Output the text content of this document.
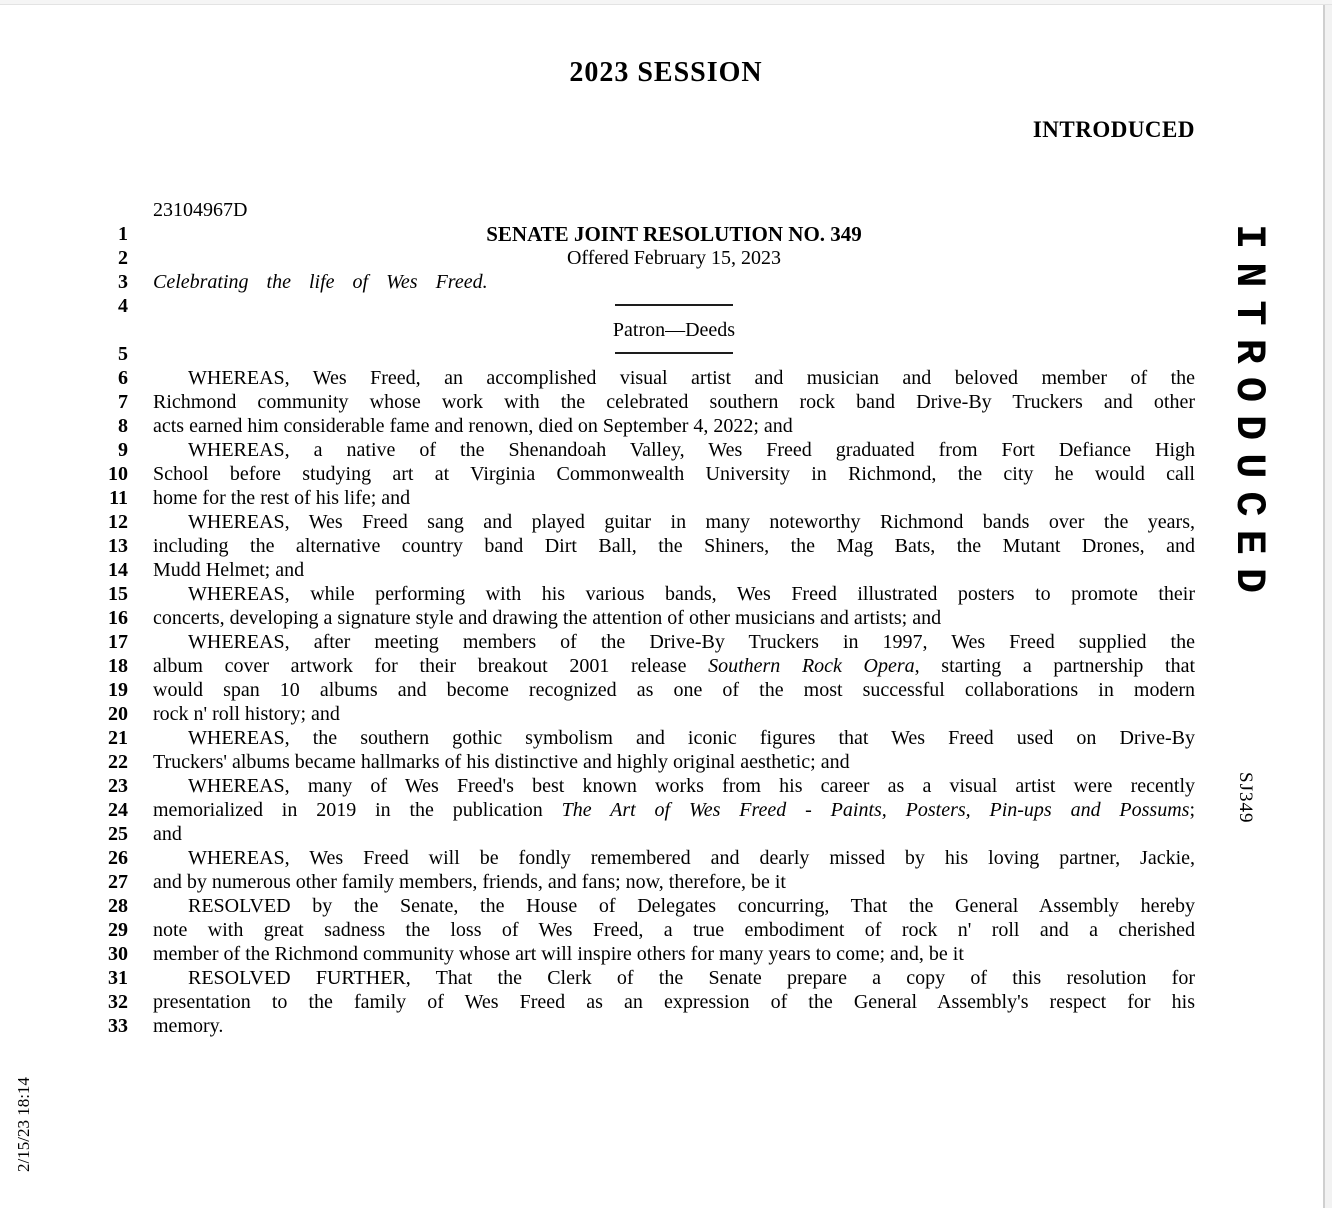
2023 SESSION
INTRODUCED
23104967D
1	SENATE JOINT RESOLUTION NO. 349
2	Offered February 15, 2023
3 Celebrating the life of Wes Freed.
4
Patron—Deeds
5
6	WHEREAS, Wes Freed, an accomplished visual artist and musician and beloved member of the
7 Richmond community whose work with the celebrated southern rock band Drive-By Truckers and other
8 acts earned him considerable fame and renown, died on September 4, 2022; and
9	WHEREAS, a native of the Shenandoah Valley, Wes Freed graduated from Fort Defiance High
10 School before studying art at Virginia Commonwealth University in Richmond, the city he would call
11 home for the rest of his life; and
12	WHEREAS, Wes Freed sang and played guitar in many noteworthy Richmond bands over the years,
13 including the alternative country band Dirt Ball, the Shiners, the Mag Bats, the Mutant Drones, and
14 Mudd Helmet; and
15	WHEREAS, while performing with his various bands, Wes Freed illustrated posters to promote their
16 concerts, developing a signature style and drawing the attention of other musicians and artists; and
17	WHEREAS, after meeting members of the Drive-By Truckers in 1997, Wes Freed supplied the
18 album cover artwork for their breakout 2001 release Southern Rock Opera, starting a partnership that
19 would span 10 albums and become recognized as one of the most successful collaborations in modern
20 rock n' roll history; and
21	WHEREAS, the southern gothic symbolism and iconic figures that Wes Freed used on Drive-By
22 Truckers' albums became hallmarks of his distinctive and highly original aesthetic; and
23	WHEREAS, many of Wes Freed's best known works from his career as a visual artist were recently
24 memorialized in 2019 in the publication The Art of Wes Freed - Paints, Posters, Pin-ups and Possums;
25 and
26	WHEREAS, Wes Freed will be fondly remembered and dearly missed by his loving partner, Jackie,
27 and by numerous other family members, friends, and fans; now, therefore, be it
28	RESOLVED by the Senate, the House of Delegates concurring, That the General Assembly hereby
29 note with great sadness the loss of Wes Freed, a true embodiment of rock n' roll and a cherished
30 member of the Richmond community whose art will inspire others for many years to come; and, be it
31	RESOLVED FURTHER, That the Clerk of the Senate prepare a copy of this resolution for
32 presentation to the family of Wes Freed as an expression of the General Assembly's respect for his
33 memory.
INTRODUCED
SJ349
2/15/23 18:14
